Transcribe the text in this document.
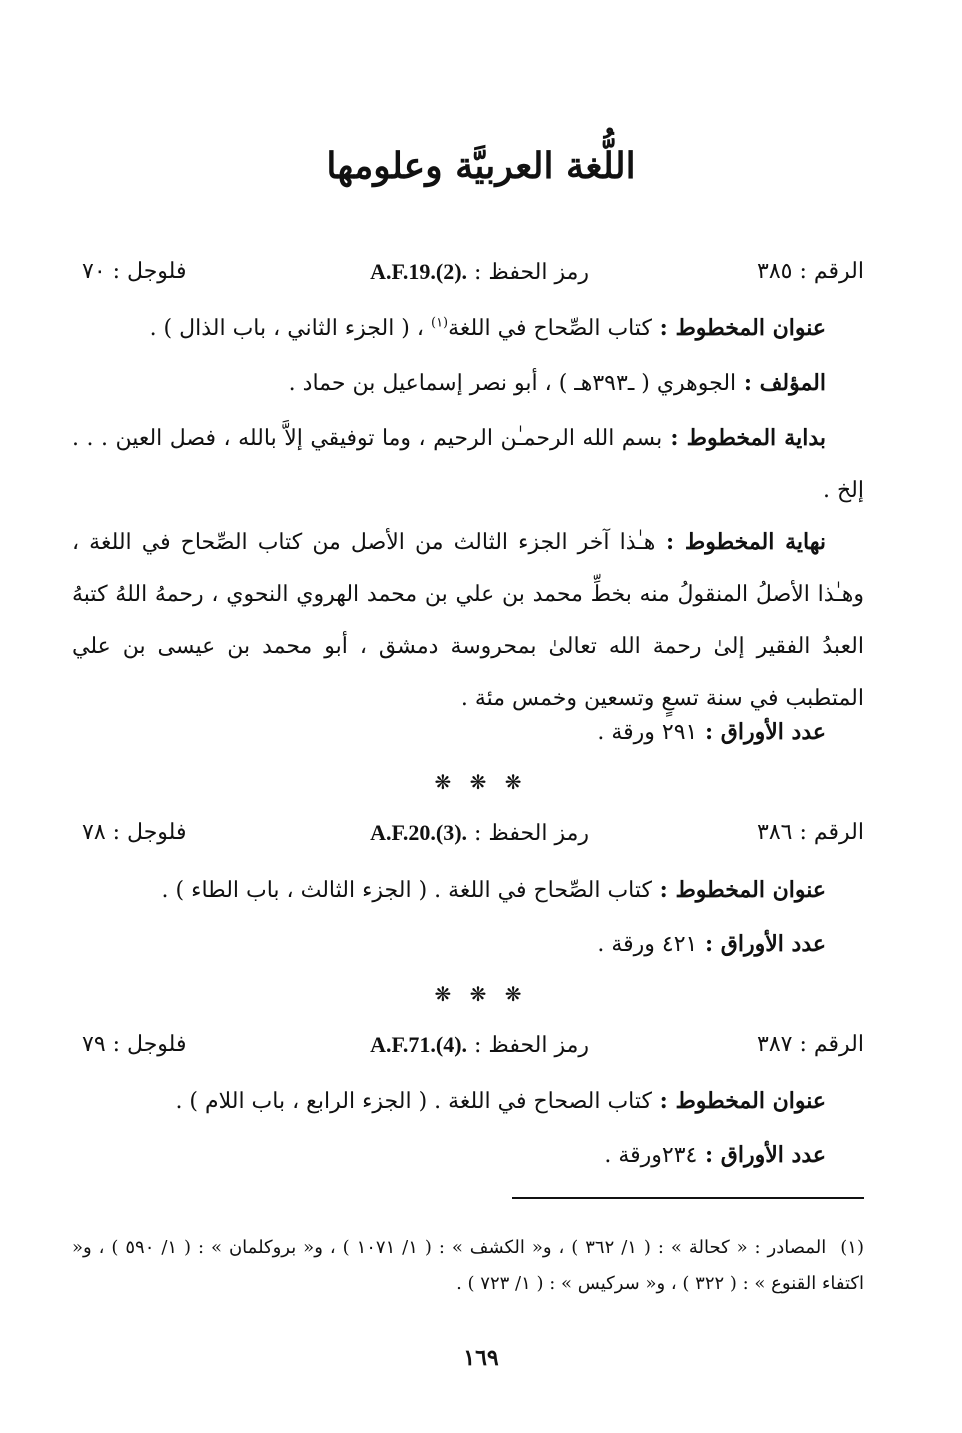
اللُّغة العربيَّة وعلومها
الرقم : ٣٨٥
رمز الحفظ : A.F.19.(2).
فلوجل : ٧٠
عنوان المخطوط : كتاب الصِّحاح في اللغة$^{(١)}$ ، ( الجزء الثاني ، باب الذال ) .
المؤلف : الجوهري ( ـ٣٩٣هـ ) ، أبو نصر إسماعيل بن حماد .
بداية المخطوط : بسم الله الرحمـٰن الرحيم ، وما توفيقي إلاَّ بالله ، فصل العين . . . إلخ .
نهاية المخطوط : هـٰذا آخر الجزء الثالث من الأصل من كتاب الصِّحاح في اللغة ، وهـٰذا الأصلُ المنقولُ منه بخطِّ محمد بن علي بن محمد الهروي النحوي ، رحمهُ اللهُ كتبهُ العبدُ الفقير إلىٰ رحمة الله تعالىٰ بمحروسة دمشق ، أبو محمد بن عيسى بن علي المتطبب في سنة تسعٍ وتسعين وخمس مئة .
عدد الأوراق : ٢٩١ ورقة .
❋ ❋ ❋
الرقم : ٣٨٦
رمز الحفظ : A.F.20.(3).
فلوجل : ٧٨
عنوان المخطوط : كتاب الصِّحاح في اللغة . ( الجزء الثالث ، باب الطاء ) .
عدد الأوراق : ٤٢١ ورقة .
❋ ❋ ❋
الرقم : ٣٨٧
رمز الحفظ : A.F.71.(4).
فلوجل : ٧٩
عنوان المخطوط : كتاب الصحاح في اللغة . ( الجزء الرابع ، باب اللام ) .
عدد الأوراق : ٢٣٤ورقة .
(١)المصادر : « كحالة » : ( ١/ ٣٦٢ ) ، و« الكشف » : ( ١/ ١٠٧١ ) ، و« بروكلمان » : ( ١/ ٥٩٠ ) ، و« اكتفاء القنوع » : ( ٣٢٢ ) ، و« سركيس » : ( ١/ ٧٢٣ ) .
١٦٩
